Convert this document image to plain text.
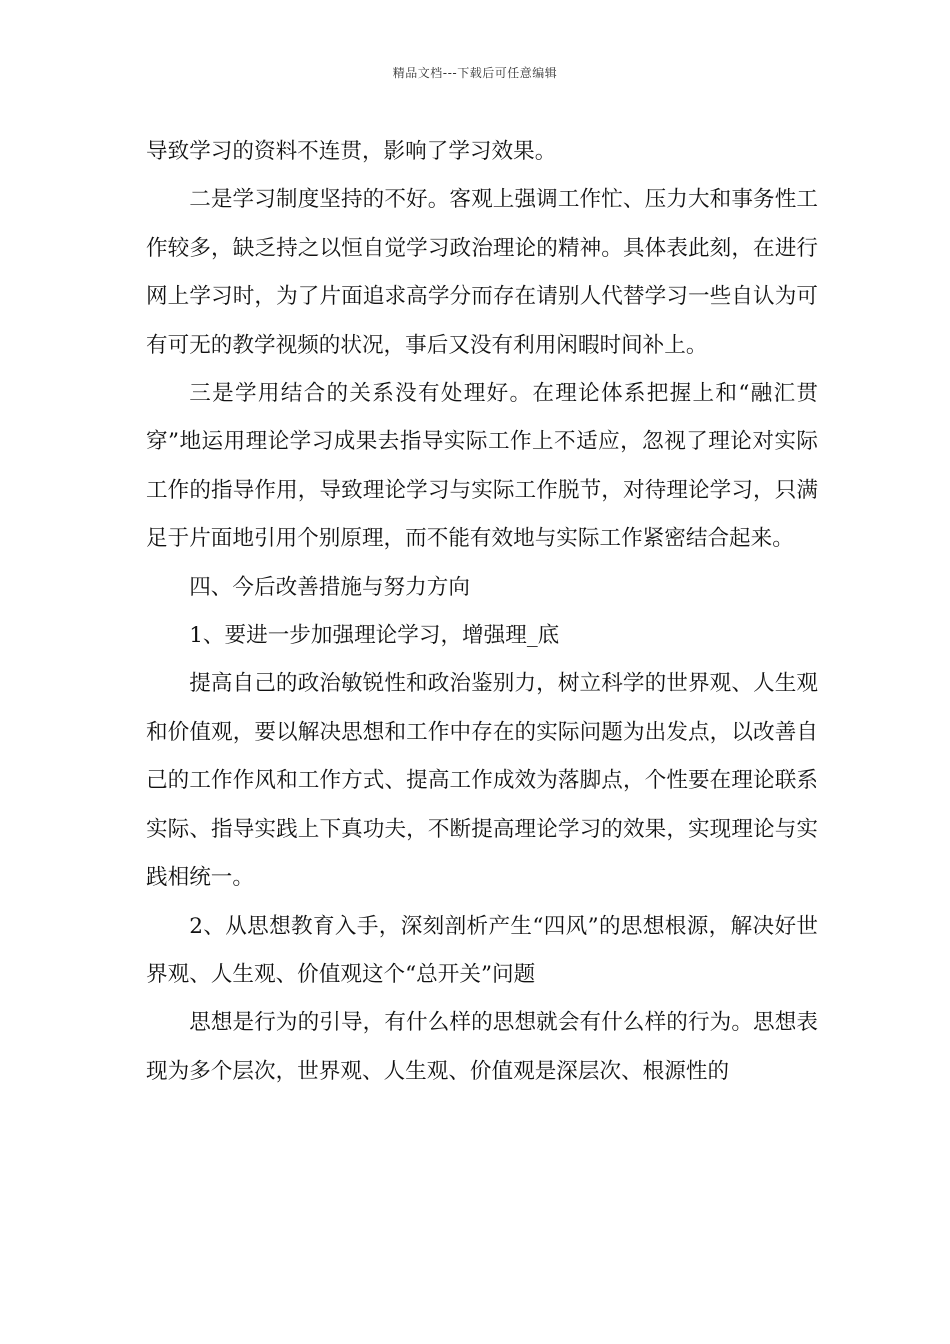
精品文档---下载后可任意编辑

导致学习的资料不连贯，影响了学习效果。

二是学习制度坚持的不好。客观上强调工作忙、压力大和事务性工作较多，缺乏持之以恒自觉学习政治理论的精神。具体表此刻，在进行网上学习时，为了片面追求高学分而存在请别人代替学习一些自认为可有可无的教学视频的状况，事后又没有利用闲暇时间补上。

三是学用结合的关系没有处理好。在理论体系把握上和“融汇贯穿”地运用理论学习成果去指导实际工作上不适应，忽视了理论对实际工作的指导作用，导致理论学习与实际工作脱节，对待理论学习，只满足于片面地引用个别原理，而不能有效地与实际工作紧密结合起来。

四、今后改善措施与努力方向

1、要进一步加强理论学习，增强理_底

提高自己的政治敏锐性和政治鉴别力，树立科学的世界观、人生观和价值观，要以解决思想和工作中存在的实际问题为出发点，以改善自己的工作作风和工作方式、提高工作成效为落脚点，个性要在理论联系实际、指导实践上下真功夫，不断提高理论学习的效果，实现理论与实践相统一。

2、从思想教育入手，深刻剖析产生“四风”的思想根源，解决好世界观、人生观、价值观这个“总开关”问题

思想是行为的引导，有什么样的思想就会有什么样的行为。思想表现为多个层次，世界观、人生观、价值观是深层次、根源性的
